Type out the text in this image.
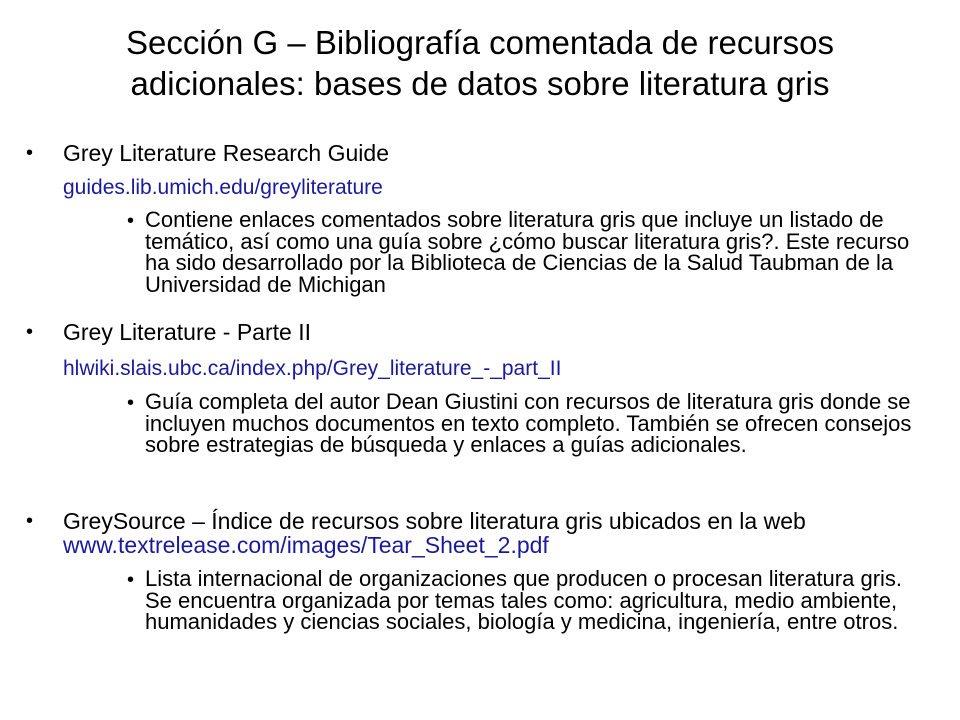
Sección G – Bibliografía comentada de recursos
adicionales: bases de datos sobre literatura gris
• Grey Literature Research Guide
guides.lib.umich.edu/greyliterature
• Contiene enlaces comentados sobre literatura gris que incluye un listado de temático, así como una guía sobre ¿cómo buscar literatura gris?. Este recurso ha sido desarrollado por la Biblioteca de Ciencias de la Salud Taubman de la Universidad de Michigan
• Grey Literature - Parte II
hlwiki.slais.ubc.ca/index.php/Grey_literature_-_part_II
• Guía completa del autor Dean Giustini con recursos de literatura gris donde se incluyen muchos documentos en texto completo. También se ofrecen consejos sobre estrategias de búsqueda y enlaces a guías adicionales.
• GreySource – Índice de recursos sobre literatura gris ubicados en la web
www.textrelease.com/images/Tear_Sheet_2.pdf
• Lista internacional de organizaciones que producen o procesan literatura gris. Se encuentra organizada por temas tales como: agricultura, medio ambiente, humanidades y ciencias sociales, biología y medicina, ingeniería, entre otros.
